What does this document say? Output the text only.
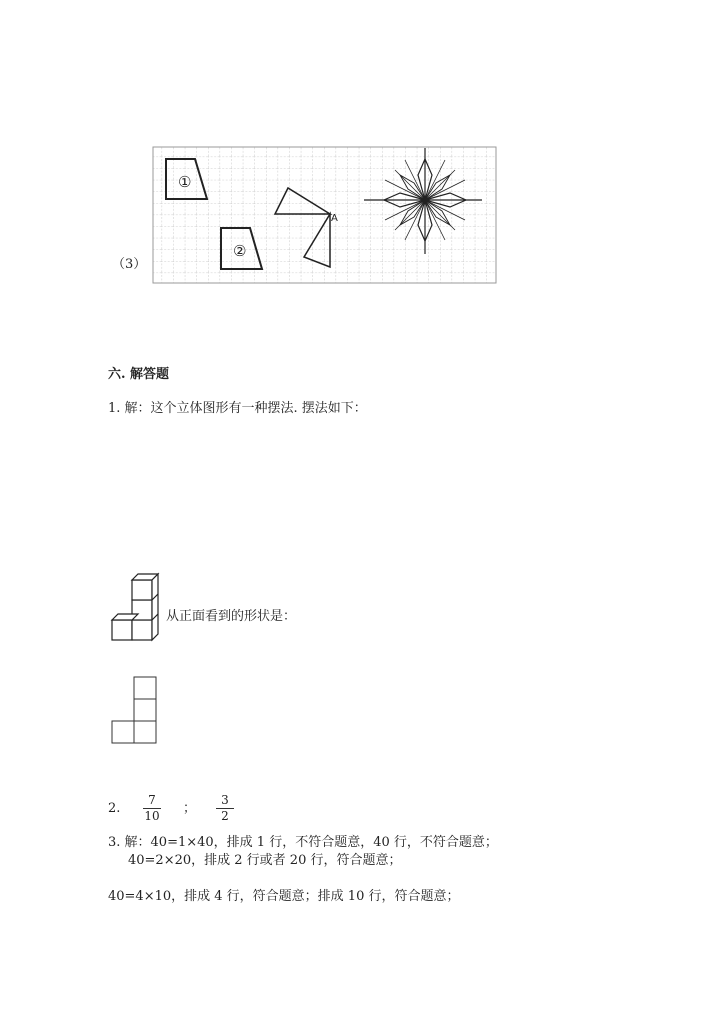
（3）
①
②
A
六. 解答题
1. 解：这个立体图形有一种摆法. 摆法如下：
从正面看到的形状是：
2.
7
10 ；
3
2
3. 解：40=1×40，排成 1 行，不符合题意，40 行，不符合题意；
40=2×20，排成 2 行或者 20 行，符合题意；
40=4×10，排成 4 行，符合题意；排成 10 行，符合题意；
